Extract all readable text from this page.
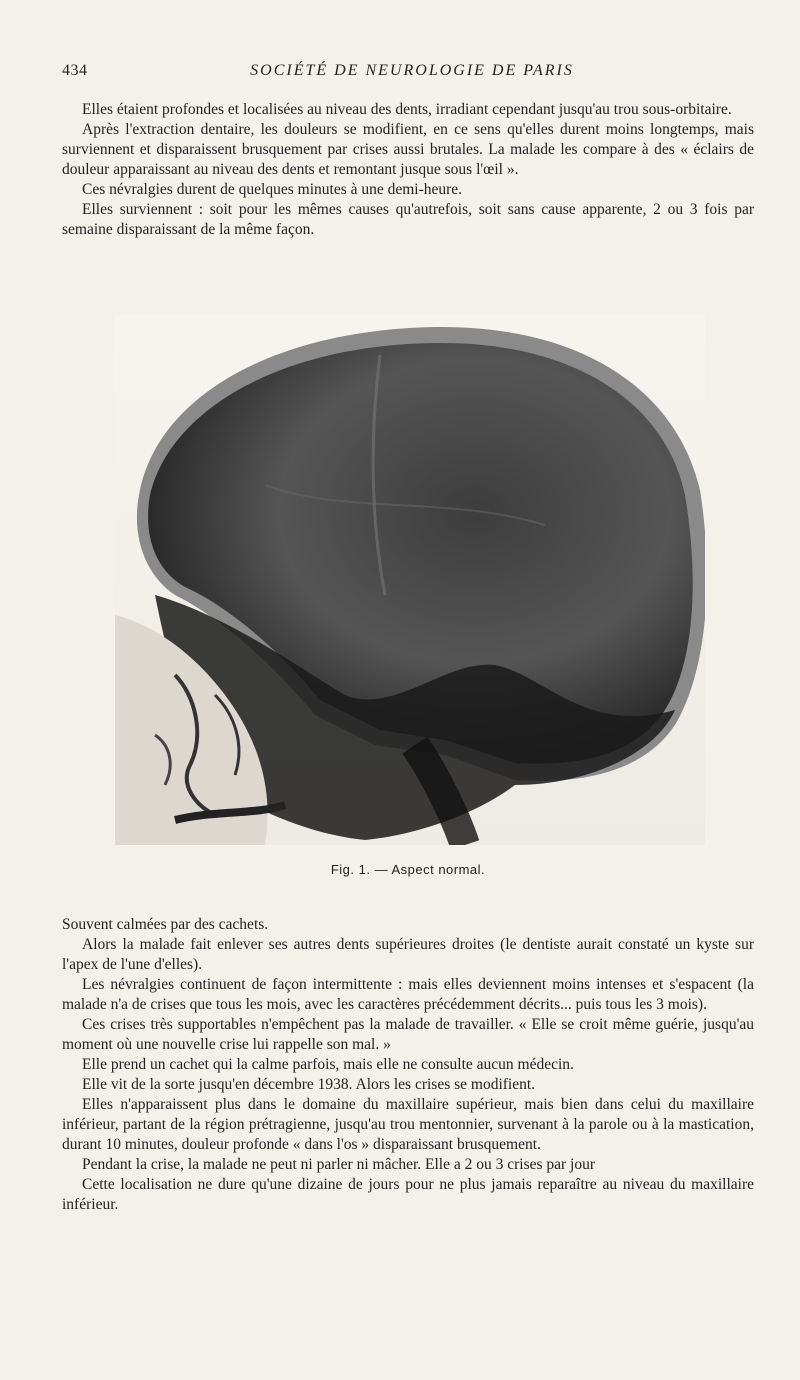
434	SOCIÉTÉ DE NEUROLOGIE DE PARIS

Elles étaient profondes et localisées au niveau des dents, irradiant cependant jusqu'au trou sous-orbitaire.

Après l'extraction dentaire, les douleurs se modifient, en ce sens qu'elles durent moins longtemps, mais surviennent et disparaissent brusquement par crises aussi brutales. La malade les compare à des « éclairs de douleur apparaissant au niveau des dents et remontant jusque sous l'œil ».

Ces névralgies durent de quelques minutes à une demi-heure.

Elles surviennent : soit pour les mêmes causes qu'autrefois, soit sans cause apparente, 2 ou 3 fois par semaine disparaissant de la même façon.

Fig. 1. — Aspect normal.

Souvent calmées par des cachets.

Alors la malade fait enlever ses autres dents supérieures droites (le dentiste aurait constaté un kyste sur l'apex de l'une d'elles).

Les névralgies continuent de façon intermittente : mais elles deviennent moins intenses et s'espacent (la malade n'a de crises que tous les mois, avec les caractères précédemment décrits... puis tous les 3 mois).

Ces crises très supportables n'empêchent pas la malade de travailler. « Elle se croit même guérie, jusqu'au moment où une nouvelle crise lui rappelle son mal. »

Elle prend un cachet qui la calme parfois, mais elle ne consulte aucun médecin.

Elle vit de la sorte jusqu'en décembre 1938. Alors les crises se modifient.

Elles n'apparaissent plus dans le domaine du maxillaire supérieur, mais bien dans celui du maxillaire inférieur, partant de la région prétragienne, jusqu'au trou mentonnier, survenant à la parole ou à la mastication, durant 10 minutes, douleur profonde « dans l'os » disparaissant brusquement.

Pendant la crise, la malade ne peut ni parler ni mâcher. Elle a 2 ou 3 crises par jour

Cette localisation ne dure qu'une dizaine de jours pour ne plus jamais reparaître au niveau du maxillaire inférieur.
